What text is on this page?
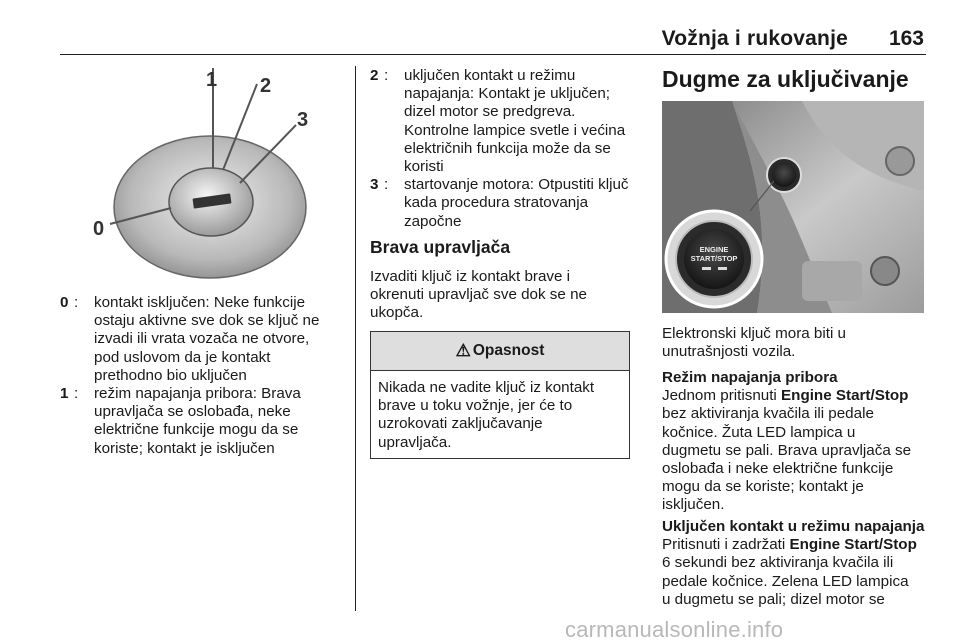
Vožnja i rukovanje 163
1 2
3
0
0 :	kontakt isključen: Neke funkcije
ostaju aktivne sve dok se ključ ne
izvadi ili vrata vozača ne otvore,
pod uslovom da je kontakt
prethodno bio uključen
1 :	režim napajanja pribora: Brava
upravljača se oslobađa, neke
električne funkcije mogu da se
koriste; kontakt je isključen
2 :	uključen kontakt u režimu
napajanja: Kontakt je uključen;
dizel motor se predgreva.
Kontrolne lampice svetle i većina
električnih funkcija može da se
koristi
3 :	startovanje motora: Otpustiti ključ
kada procedura stratovanja
započne
Brava upravljača
Izvaditi ključ iz kontakt brave i
okrenuti upravljač sve dok se ne
ukopča.
⚠ Opasnost
Nikada ne vadite ključ iz kontakt
brave u toku vožnje, jer će to
uzrokovati zaključavanje
upravljača.
Dugme za uključivanje
ENGINE
START/STOP
Elektronski ključ mora biti u
unutrašnjosti vozila.
Režim napajanja pribora
Jednom pritisnuti Engine Start/Stop
bez aktiviranja kvačila ili pedale
kočnice. Žuta LED lampica u
dugmetu se pali. Brava upravljača se
oslobađa i neke električne funkcije
mogu da se koriste; kontakt je
isključen.
Uključen kontakt u režimu napajanja
Pritisnuti i zadržati Engine Start/Stop
6 sekundi bez aktiviranja kvačila ili
pedale kočnice. Zelena LED lampica
u dugmetu se pali; dizel motor se
carmanualsonline.info
